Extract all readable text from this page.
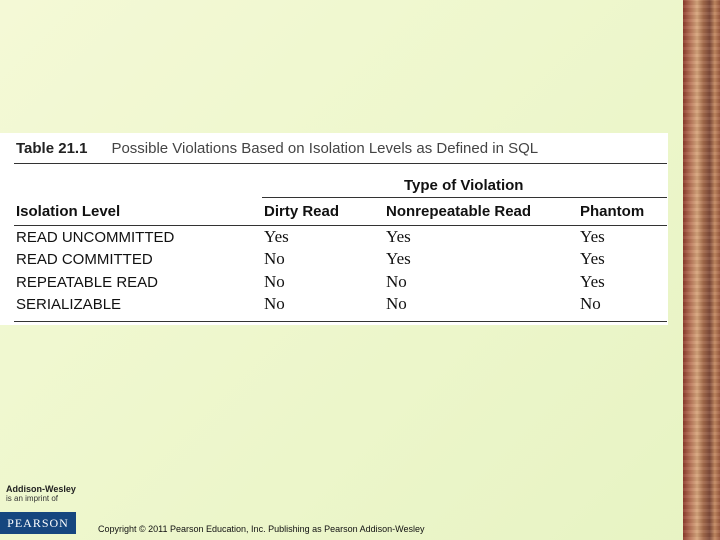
Table 21.1 Possible Violations Based on Isolation Levels as Defined in SQL
Type of Violation
Isolation Level	Dirty Read	Nonrepeatable Read	Phantom
READ UNCOMMITTED	Yes	Yes	Yes
READ COMMITTED	No	Yes	Yes
REPEATABLE READ	No	No	Yes
SERIALIZABLE	No	No	No
Addison-Wesley
is an imprint of
PEARSON	Copyright © 2011 Pearson Education, Inc. Publishing as Pearson Addison-Wesley
